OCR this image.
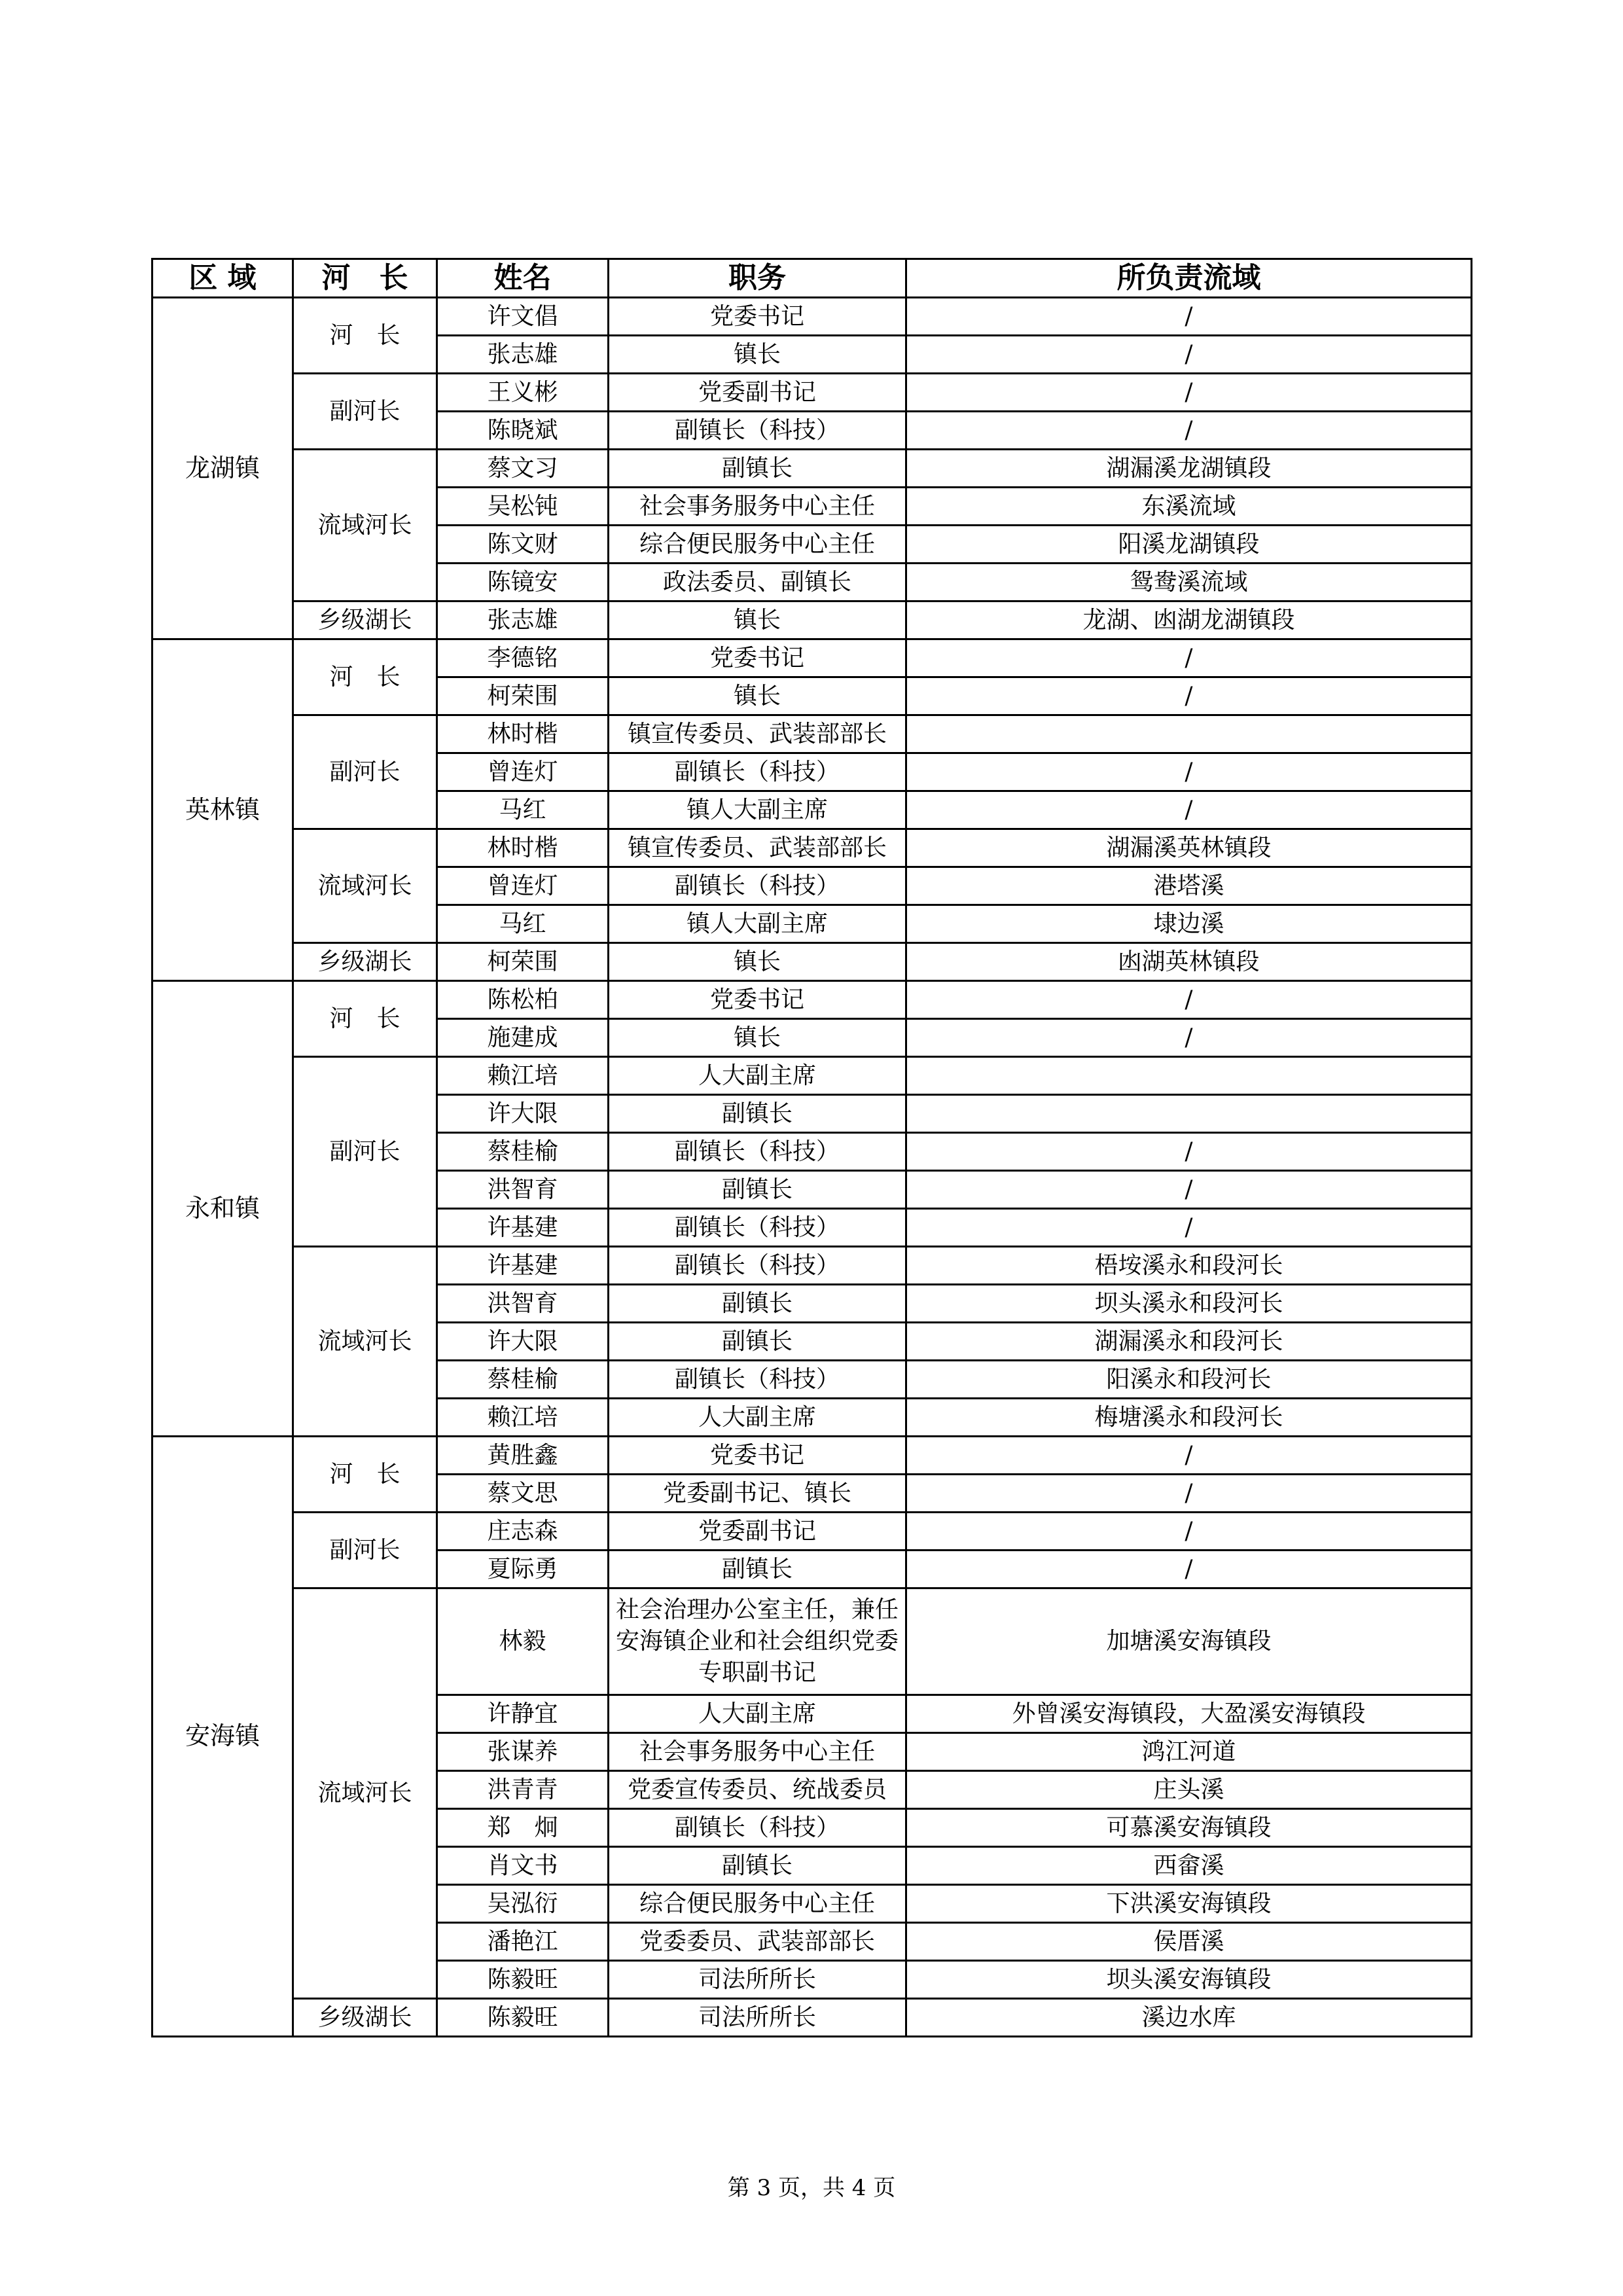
区 域	河　长	姓名	职务	所负责流域
龙湖镇	河　长	许文倡	党委书记	/
		张志雄	镇长	/
	副河长	王义彬	党委副书记	/
		陈晓斌	副镇长（科技）	/
	流域河长	蔡文习	副镇长	湖漏溪龙湖镇段
		吴松钝	社会事务服务中心主任	东溪流域
		陈文财	综合便民服务中心主任	阳溪龙湖镇段
		陈镜安	政法委员、副镇长	鸳鸯溪流域
	乡级湖长	张志雄	镇长	龙湖、凼湖龙湖镇段
英林镇	河　长	李德铭	党委书记	/
		柯荣围	镇长	/
	副河长	林时楷	镇宣传委员、武装部部长	
		曾连灯	副镇长（科技）	/
		马红	镇人大副主席	/
	流域河长	林时楷	镇宣传委员、武装部部长	湖漏溪英林镇段
		曾连灯	副镇长（科技）	港塔溪
		马红	镇人大副主席	埭边溪
	乡级湖长	柯荣围	镇长	凼湖英林镇段
永和镇	河　长	陈松柏	党委书记	/
		施建成	镇长	/
	副河长	赖江培	人大副主席	
		许大限	副镇长	
		蔡桂榆	副镇长（科技）	/
		洪智育	副镇长	/
		许基建	副镇长（科技）	/
	流域河长	许基建	副镇长（科技）	梧垵溪永和段河长
		洪智育	副镇长	坝头溪永和段河长
		许大限	副镇长	湖漏溪永和段河长
		蔡桂榆	副镇长（科技）	阳溪永和段河长
		赖江培	人大副主席	梅塘溪永和段河长
安海镇	河　长	黄胜鑫	党委书记	/
		蔡文思	党委副书记、镇长	/
	副河长	庄志森	党委副书记	/
		夏际勇	副镇长	/
	流域河长	林毅	社会治理办公室主任，兼任安海镇企业和社会组织党委专职副书记	加塘溪安海镇段
		许静宜	人大副主席	外曾溪安海镇段，大盈溪安海镇段
		张谋养	社会事务服务中心主任	鸿江河道
		洪青青	党委宣传委员、统战委员	庄头溪
		郑　炯	副镇长（科技）	可慕溪安海镇段
		肖文书	副镇长	西畲溪
		吴泓衍	综合便民服务中心主任	下洪溪安海镇段
		潘艳江	党委委员、武装部部长	侯厝溪
		陈毅旺	司法所所长	坝头溪安海镇段
	乡级湖长	陈毅旺	司法所所长	溪边水库
第 3 页，共 4 页
